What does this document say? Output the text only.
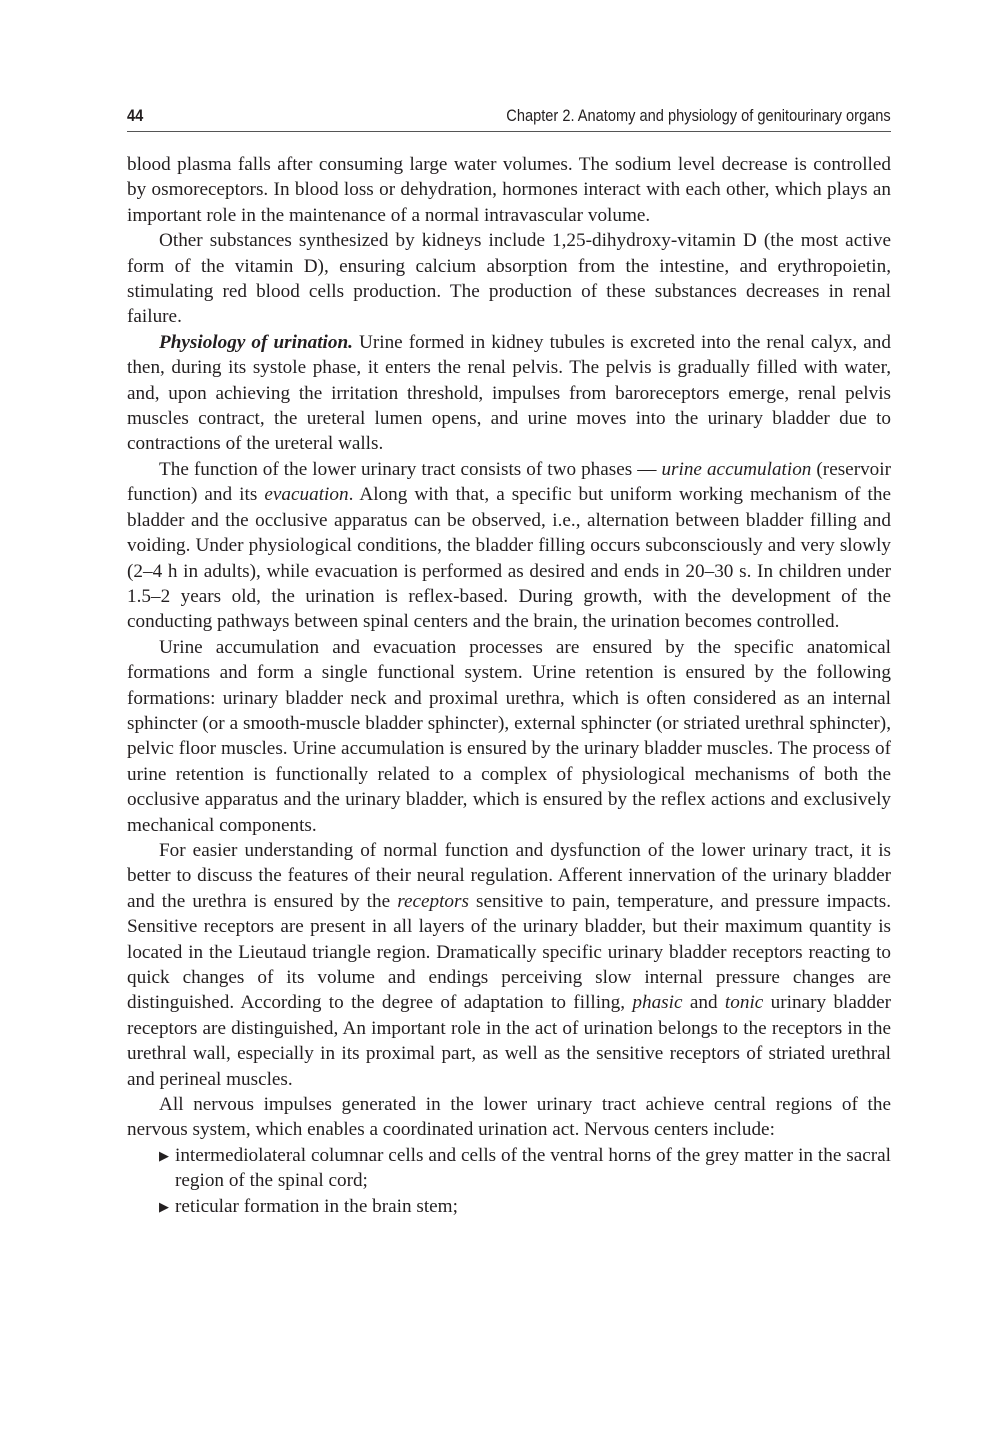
44	Chapter 2. Anatomy and physiology of genitourinary organs

blood plasma falls after consuming large water volumes. The sodium level decrease is controlled by osmoreceptors. In blood loss or dehydration, hormones interact with each other, which plays an important role in the maintenance of a normal intravascular volume.

Other substances synthesized by kidneys include 1,25-dihydroxy-vitamin D (the most active form of the vitamin D), ensuring calcium absorption from the intestine, and erythropoietin, stimulating red blood cells production. The production of these substances decreases in renal failure.

Physiology of urination. Urine formed in kidney tubules is excreted into the renal calyx, and then, during its systole phase, it enters the renal pelvis. The pelvis is gradually filled with water, and, upon achieving the irritation threshold, impulses from baroreceptors emerge, renal pelvis muscles contract, the ureteral lumen opens, and urine moves into the urinary bladder due to contractions of the ureteral walls.

The function of the lower urinary tract consists of two phases — urine accumulation (reservoir function) and its evacuation. Along with that, a specific but uniform working mechanism of the bladder and the occlusive apparatus can be observed, i.e., alternation between bladder filling and voiding. Under physiological conditions, the bladder filling occurs subconsciously and very slowly (2–4 h in adults), while evacuation is performed as desired and ends in 20–30 s. In children under 1.5–2 years old, the urination is reflex-based. During growth, with the development of the conducting pathways between spinal centers and the brain, the urination becomes controlled.

Urine accumulation and evacuation processes are ensured by the specific anatomical formations and form a single functional system. Urine retention is ensured by the following formations: urinary bladder neck and proximal urethra, which is often considered as an internal sphincter (or a smooth-muscle bladder sphincter), external sphincter (or striated urethral sphincter), pelvic floor muscles. Urine accumulation is ensured by the urinary bladder muscles. The process of urine retention is functionally related to a complex of physiological mechanisms of both the occlusive apparatus and the urinary bladder, which is ensured by the reflex actions and exclusively mechanical components.

For easier understanding of normal function and dysfunction of the lower urinary tract, it is better to discuss the features of their neural regulation. Afferent innervation of the urinary bladder and the urethra is ensured by the receptors sensitive to pain, temperature, and pressure impacts. Sensitive receptors are present in all layers of the urinary bladder, but their maximum quantity is located in the Lieutaud triangle region. Dramatically specific urinary bladder receptors reacting to quick changes of its volume and endings perceiving slow internal pressure changes are distinguished. According to the degree of adaptation to filling, phasic and tonic urinary bladder receptors are distinguished, An important role in the act of urination belongs to the receptors in the urethral wall, especially in its proximal part, as well as the sensitive receptors of striated urethral and perineal muscles.

All nervous impulses generated in the lower urinary tract achieve central regions of the nervous system, which enables a coordinated urination act. Nervous centers include:

▶ intermediolateral columnar cells and cells of the ventral horns of the grey matter in the sacral region of the spinal cord;
▶ reticular formation in the brain stem;
